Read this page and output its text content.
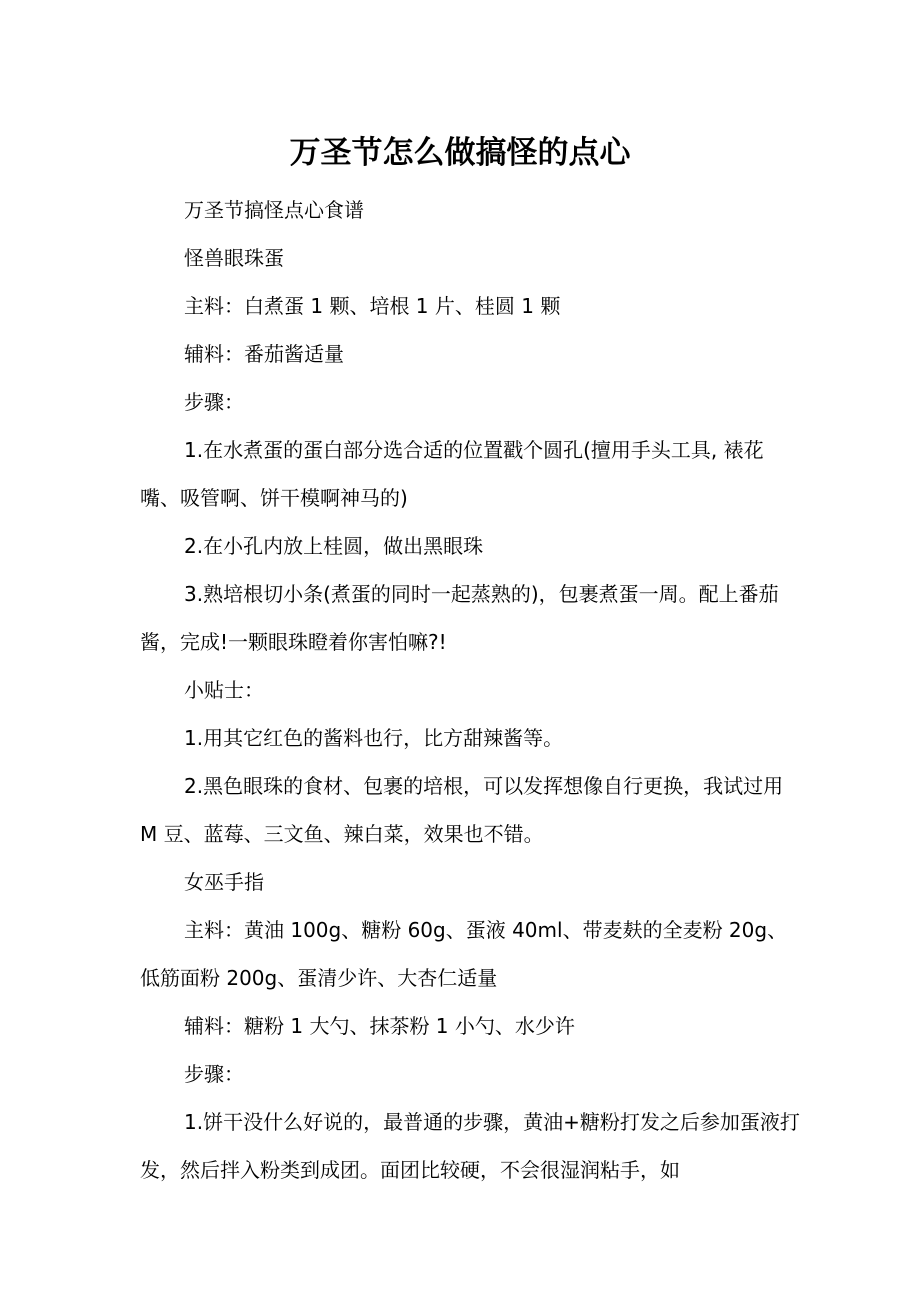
万圣节怎么做搞怪的点心

万圣节搞怪点心食谱

怪兽眼珠蛋

主料：白煮蛋 1 颗、培根 1 片、桂圆 1 颗

辅料：番茄酱适量

步骤：

1.在水煮蛋的蛋白部分选合适的位置戳个圆孔(擅用手头工具, 裱花嘴、吸管啊、饼干模啊神马的)

2.在小孔内放上桂圆，做出黑眼珠

3.熟培根切小条(煮蛋的同时一起蒸熟的)，包裹煮蛋一周。配上番茄酱，完成!一颗眼珠瞪着你害怕嘛?!

小贴士：

1.用其它红色的酱料也行，比方甜辣酱等。

2.黑色眼珠的食材、包裹的培根，可以发挥想像自行更换，我试过用 M 豆、蓝莓、三文鱼、辣白菜，效果也不错。

女巫手指

主料：黄油 100g、糖粉 60g、蛋液 40ml、带麦麸的全麦粉 20g、低筋面粉 200g、蛋清少许、大杏仁适量

辅料：糖粉 1 大勺、抹茶粉 1 小勺、水少许

步骤：

1.饼干没什么好说的，最普通的步骤，黄油+糖粉打发之后参加蛋液打发，然后拌入粉类到成团。面团比较硬，不会很湿润粘手，如
